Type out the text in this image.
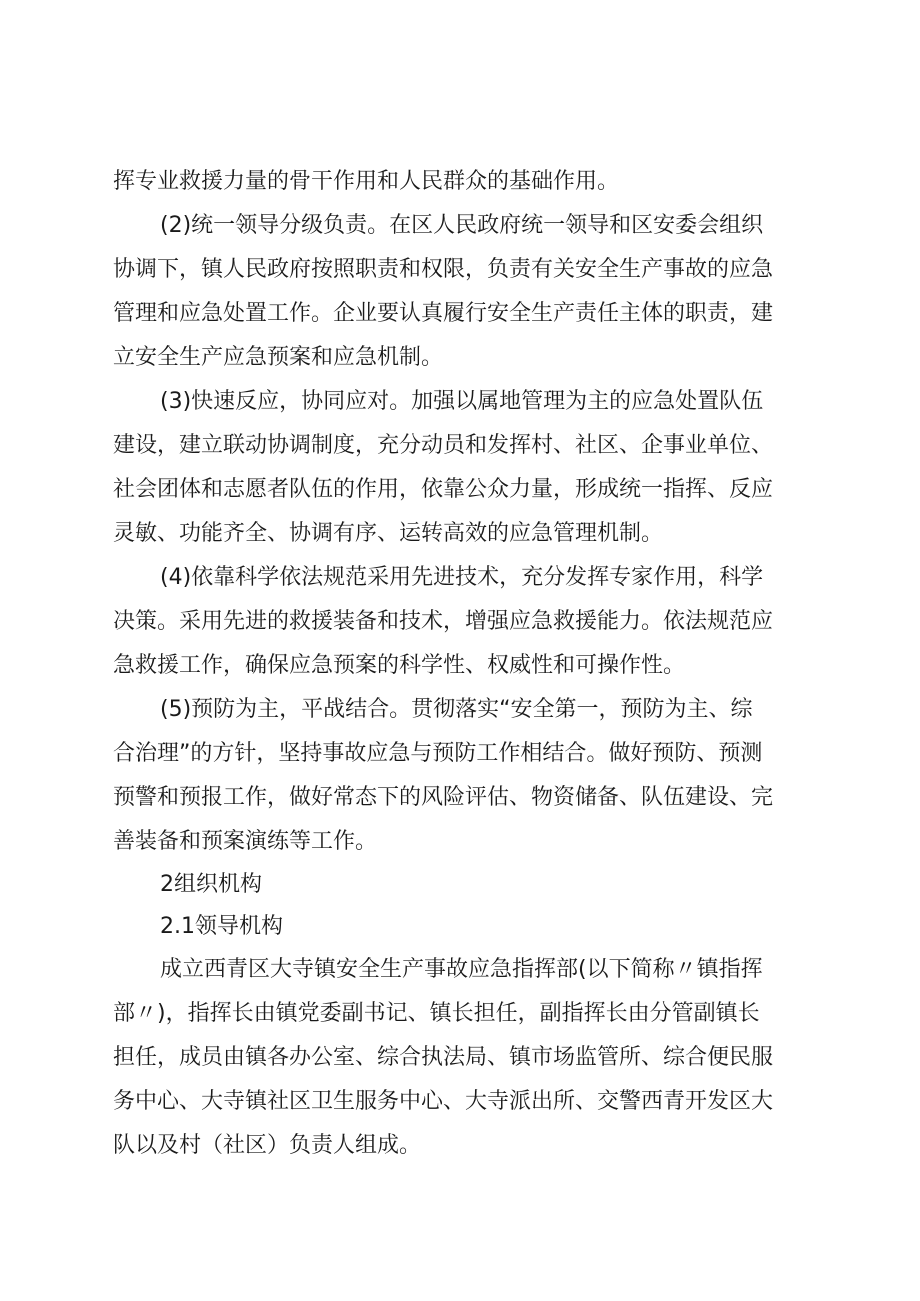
挥专业救援力量的骨干作用和人民群众的基础作用。
(2)统一领导分级负责。在区人民政府统一领导和区安委会组织
协调下，镇人民政府按照职责和权限，负责有关安全生产事故的应急
管理和应急处置工作。企业要认真履行安全生产责任主体的职责，建
立安全生产应急预案和应急机制。
(3)快速反应，协同应对。加强以属地管理为主的应急处置队伍
建设，建立联动协调制度，充分动员和发挥村、社区、企事业单位、
社会团体和志愿者队伍的作用，依靠公众力量，形成统一指挥、反应
灵敏、功能齐全、协调有序、运转高效的应急管理机制。
(4)依靠科学依法规范采用先进技术，充分发挥专家作用，科学
决策。采用先进的救援装备和技术，增强应急救援能力。依法规范应
急救援工作，确保应急预案的科学性、权威性和可操作性。
(5)预防为主，平战结合。贯彻落实“安全第一，预防为主、综
合治理”的方针，坚持事故应急与预防工作相结合。做好预防、预测
预警和预报工作，做好常态下的风险评估、物资储备、队伍建设、完
善装备和预案演练等工作。
2组织机构
2.1领导机构
成立西青区大寺镇安全生产事故应急指挥部(以下简称〃镇指挥
部〃)，指挥长由镇党委副书记、镇长担任，副指挥长由分管副镇长
担任，成员由镇各办公室、综合执法局、镇市场监管所、综合便民服
务中心、大寺镇社区卫生服务中心、大寺派出所、交警西青开发区大
队以及村（社区）负责人组成。
